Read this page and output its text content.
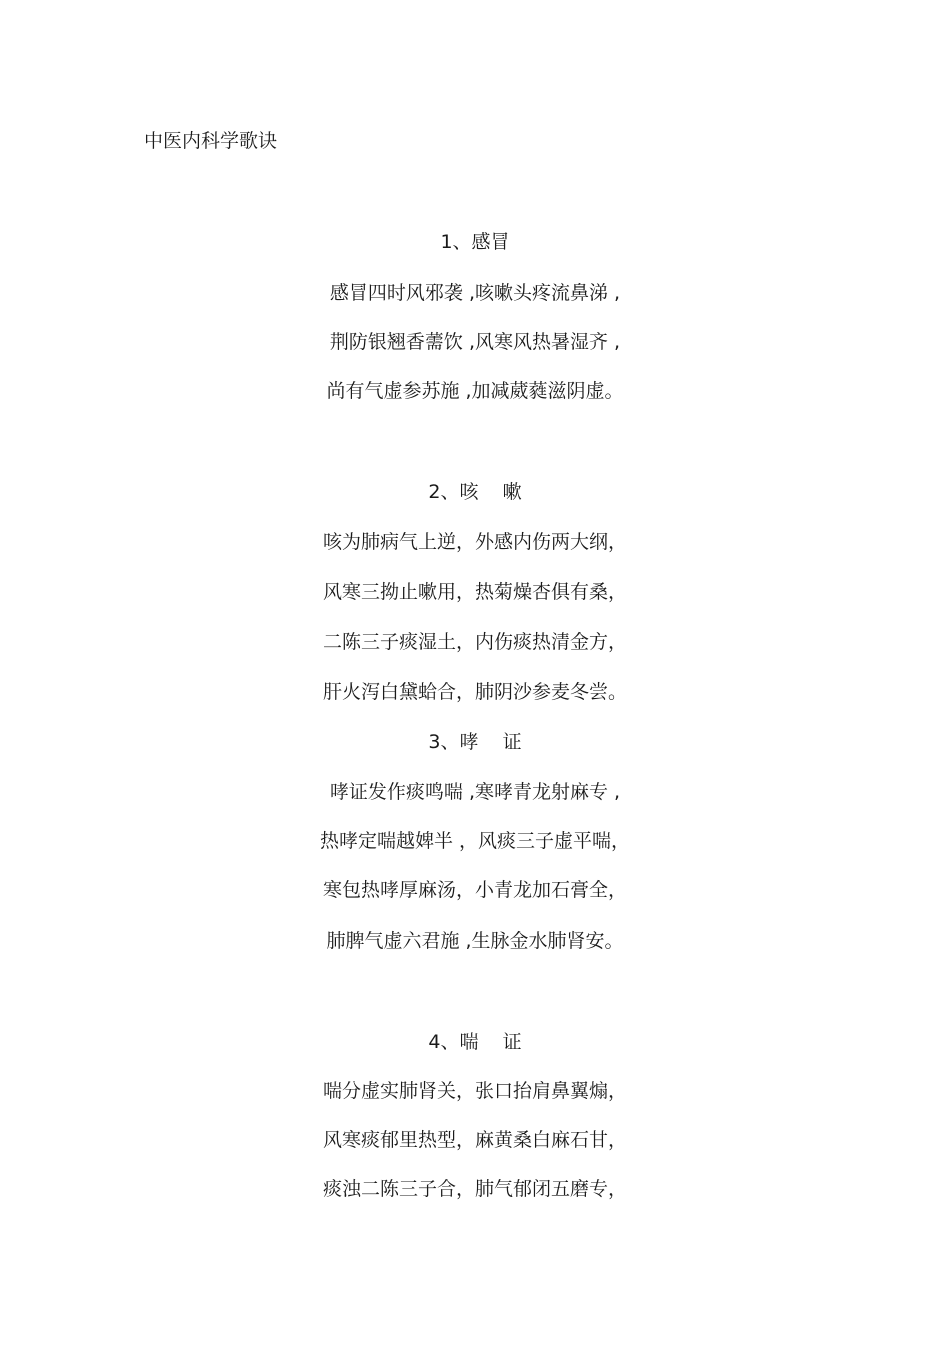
中医内科学歌诀
1、感冒
感冒四时风邪袭 ,咳嗽头疼流鼻涕 ,
荆防银翘香薷饮 ,风寒风热暑湿齐 ,
尚有气虚参苏施 ,加减葳蕤滋阴虚。
2、咳    嗽
咳为肺病气上逆，外感内伤两大纲，
风寒三拗止嗽用，热菊燥杏俱有桑，
二陈三子痰湿土，内伤痰热清金方，
肝火泻白黛蛤合，肺阴沙参麦冬尝。
3、哮    证
哮证发作痰鸣喘 ,寒哮青龙射麻专 ,
热哮定喘越婢半 ，风痰三子虚平喘，
寒包热哮厚麻汤，小青龙加石膏全，
肺脾气虚六君施 ,生脉金水肺肾安。
4、喘    证
喘分虚实肺肾关，张口抬肩鼻翼煽，
风寒痰郁里热型，麻黄桑白麻石甘，
痰浊二陈三子合，肺气郁闭五磨专，
